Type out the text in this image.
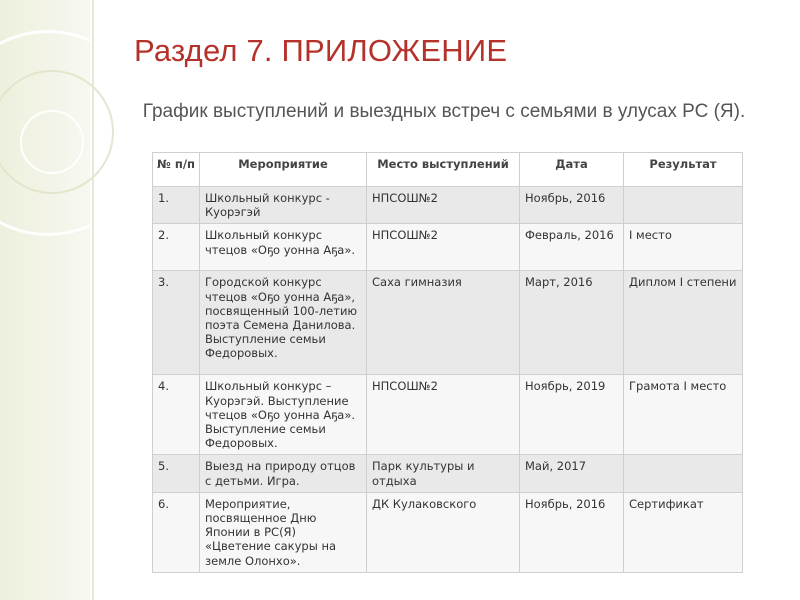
Раздел 7. ПРИЛОЖЕНИЕ
График выступлений и выездных встреч с семьями в улусах РС (Я).
№ п/п	Мероприятие	Место выступлений	Дата	Результат
1.	Школьный конкурс - Куорэгэй	НПСОШ№2	Ноябрь, 2016	
2.	Школьный конкурс чтецов «Оҕо уонна Аҕа».	НПСОШ№2	Февраль, 2016	I место
3.	Городской конкурс чтецов «Оҕо уонна Аҕа», посвященный 100-летию поэта Семена Данилова. Выступление семьи Федоровых.	Саха гимназия	Март, 2016	Диплом I степени
4.	Школьный конкурс – Куорэгэй. Выступление чтецов «Оҕо уонна Аҕа». Выступление семьи Федоровых.	НПСОШ№2	Ноябрь, 2019	Грамота I место
5.	Выезд на природу отцов с детьми. Игра.	Парк культуры и отдыха	Май, 2017	
6.	Мероприятие, посвященное Дню Японии в РС(Я) «Цветение сакуры на земле Олонхо».	ДК Кулаковского	Ноябрь, 2016	Сертификат
